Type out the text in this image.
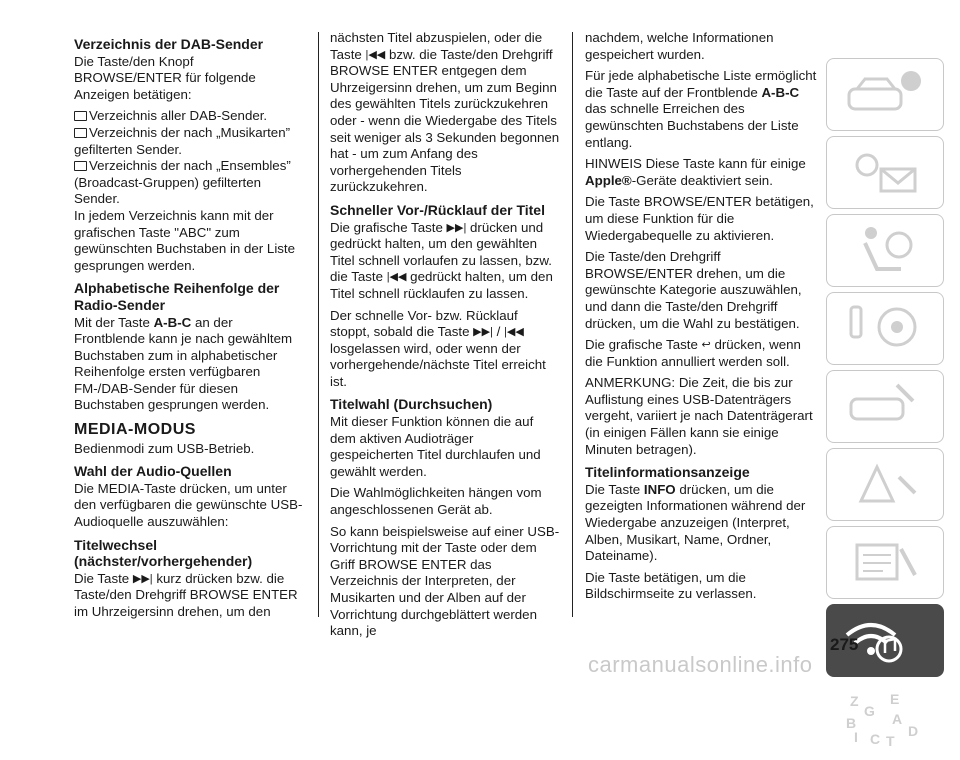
Verzeichnis der DAB-Sender

Die Taste/den Knopf BROWSE/ENTER für folgende Anzeigen betätigen:

Verzeichnis aller DAB-Sender.

Verzeichnis der nach „Musikarten” gefilterten Sender.

Verzeichnis der nach „Ensembles” (Broadcast-Gruppen) gefilterten Sender.

In jedem Verzeichnis kann mit der grafischen Taste "ABC" zum gewünschten Buchstaben in der Liste gesprungen werden.

Alphabetische Reihenfolge der Radio-Sender

Mit der Taste A-B-C an der Frontblende kann je nach gewähltem Buchstaben zum in alphabetischer Reihenfolge ersten verfügbaren FM-/DAB-Sender für diesen Buchstaben gesprungen werden.

MEDIA-MODUS

Bedienmodi zum USB-Betrieb.

Wahl der Audio-Quellen

Die MEDIA-Taste drücken, um unter den verfügbaren die gewünschte USB-Audioquelle auszuwählen:

Titelwechsel (nächster/vorhergehender)

Die Taste ▶▶| kurz drücken bzw. die Taste/den Drehgriff BROWSE ENTER im Uhrzeigersinn drehen, um den

nächsten Titel abzuspielen, oder die Taste |◀◀ bzw. die Taste/den Drehgriff BROWSE ENTER entgegen dem Uhrzeigersinn drehen, um zum Beginn des gewählten Titels zurückzukehren oder - wenn die Wiedergabe des Titels seit weniger als 3 Sekunden begonnen hat - um zum Anfang des vorhergehenden Titels zurückzukehren.

Schneller Vor-/Rücklauf der Titel

Die grafische Taste ▶▶| drücken und gedrückt halten, um den gewählten Titel schnell vorlaufen zu lassen, bzw. die Taste |◀◀ gedrückt halten, um den Titel schnell rücklaufen zu lassen.

Der schnelle Vor- bzw. Rücklauf stoppt, sobald die Taste ▶▶| / |◀◀ losgelassen wird, oder wenn der vorhergehende/nächste Titel erreicht ist.

Titelwahl (Durchsuchen)

Mit dieser Funktion können die auf dem aktiven Audioträger gespeicherten Titel durchlaufen und gewählt werden.

Die Wahlmöglichkeiten hängen vom angeschlossenen Gerät ab.

So kann beispielsweise auf einer USB-Vorrichtung mit der Taste oder dem Griff BROWSE ENTER das Verzeichnis der Interpreten, der Musikarten und der Alben auf der Vorrichtung durchgeblättert werden kann, je

nachdem, welche Informationen gespeichert wurden.

Für jede alphabetische Liste ermöglicht die Taste auf der Frontblende A-B-C das schnelle Erreichen des gewünschten Buchstabens der Liste entlang.

HINWEIS Diese Taste kann für einige Apple®-Geräte deaktiviert sein.

Die Taste BROWSE/ENTER betätigen, um diese Funktion für die Wiedergabequelle zu aktivieren.

Die Taste/den Drehgriff BROWSE/ENTER drehen, um die gewünschte Kategorie auszuwählen, und dann die Taste/den Drehgriff drücken, um die Wahl zu bestätigen.

Die grafische Taste ↩ drücken, wenn die Funktion annulliert werden soll.

ANMERKUNG: Die Zeit, die bis zur Auflistung eines USB-Datenträgers vergeht, variiert je nach Datenträgerart (in einigen Fällen kann sie einige Minuten betragen).

Titelinformationsanzeige

Die Taste INFO drücken, um die gezeigten Informationen während der Wiedergabe anzuzeigen (Interpret, Alben, Musikart, Name, Ordner, Dateiname).

Die Taste betätigen, um die Bildschirmseite zu verlassen.

Z E
G
B	A
I C T
D
275
carmanualsonline.info
